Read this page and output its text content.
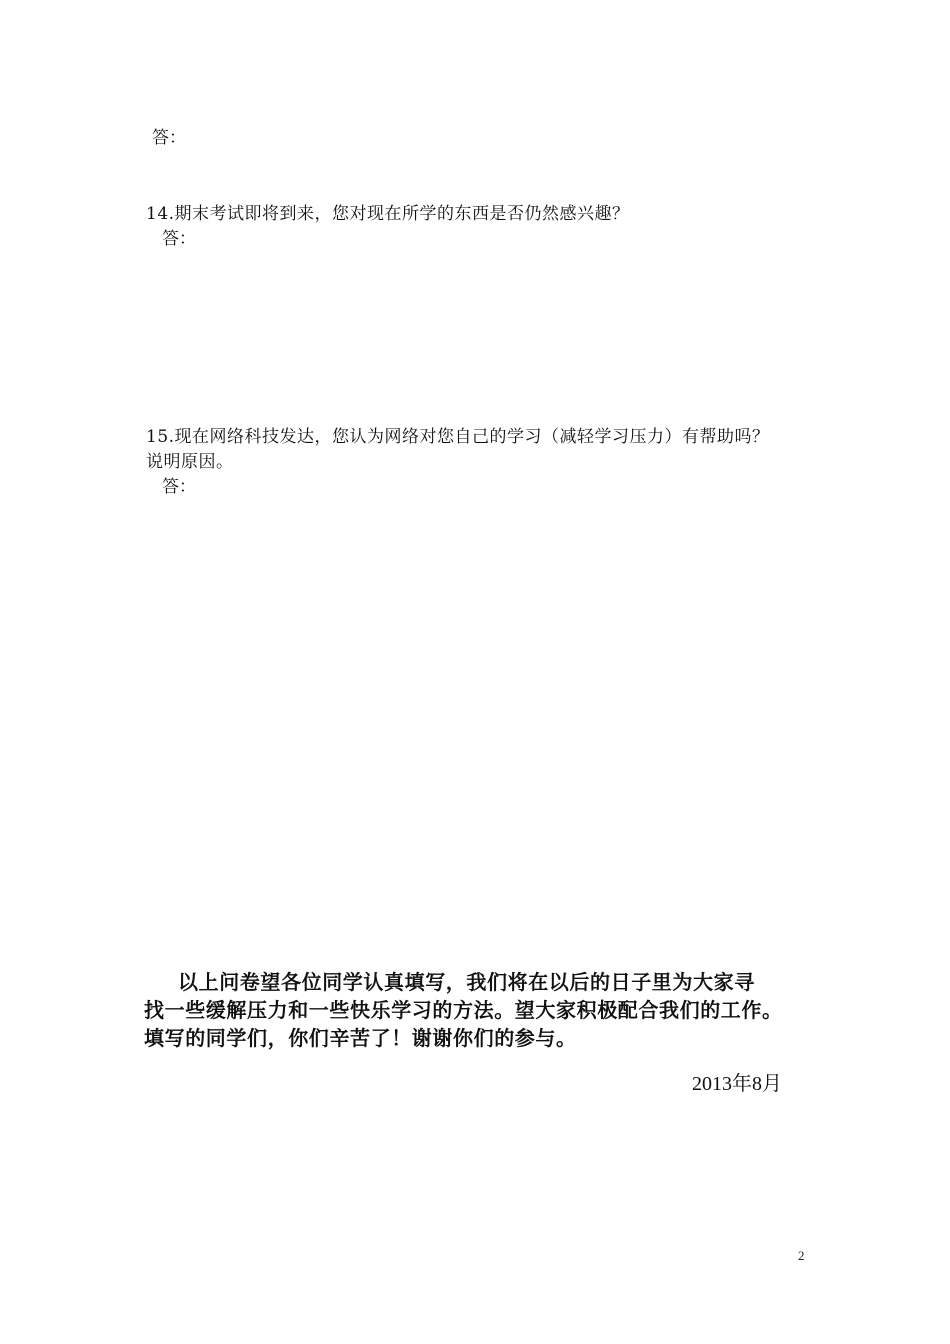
答：
14.期末考试即将到来，您对现在所学的东西是否仍然感兴趣？
答：
15.现在网络科技发达，您认为网络对您自己的学习（减轻学习压力）有帮助吗？
说明原因。
答：
以上问卷望各位同学认真填写，我们将在以后的日子里为大家寻
找一些缓解压力和一些快乐学习的方法。望大家积极配合我们的工作。
填写的同学们，你们辛苦了！谢谢你们的参与。
2013年8月
2
